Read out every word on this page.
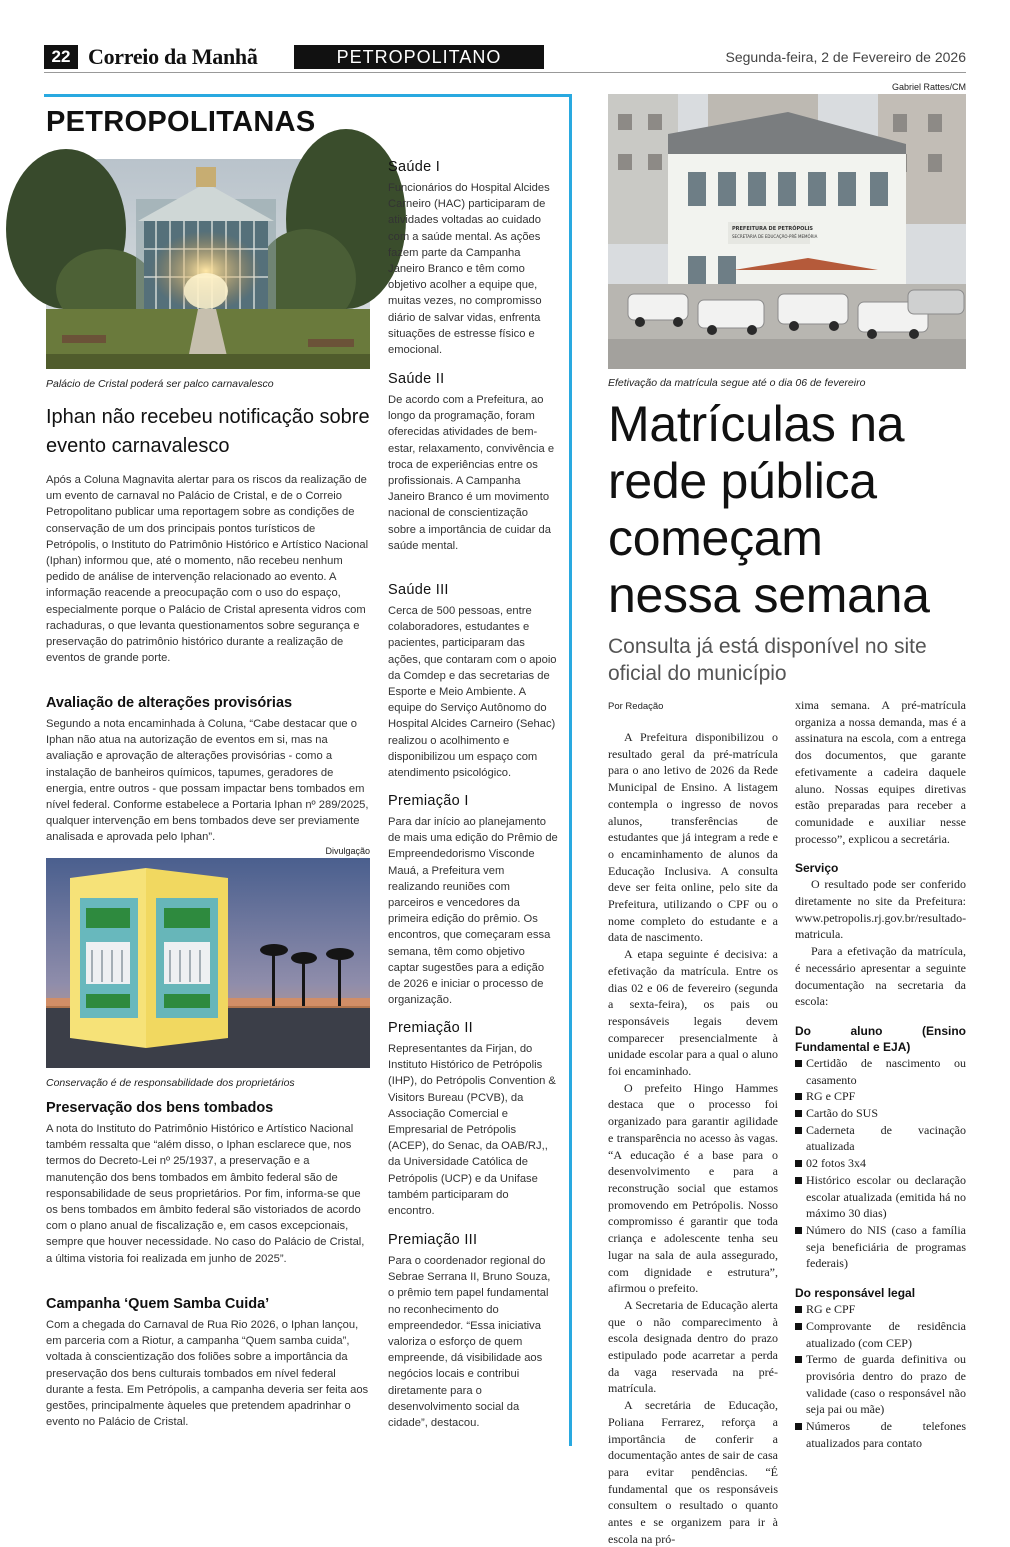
22 Correio da Manhã	PETROPOLITANO	Segunda-feira, 2 de Fevereiro de 2026
PETROPOLITANAS
Palácio de Cristal poderá ser palco carnavalesco
Iphan não recebeu notificação sobre evento carnavalesco
Após a Coluna Magnavita alertar para os riscos da realização de um evento de carnaval no Palácio de Cristal, e de o Correio Petropolitano publicar uma reportagem sobre as condições de conservação de um dos principais pontos turísticos de Petrópolis, o Instituto do Patrimônio Histórico e Artístico Nacional (Iphan) informou que, até o momento, não recebeu nenhum pedido de análise de intervenção relacionado ao evento. A informação reacende a preocupação com o uso do espaço, especialmente porque o Palácio de Cristal apresenta vidros com rachaduras, o que levanta questionamentos sobre segurança e preservação do patrimônio histórico durante a realização de eventos de grande porte.
Avaliação de alterações provisórias
Segundo a nota encaminhada à Coluna, “Cabe destacar que o Iphan não atua na autorização de eventos em si, mas na avaliação e aprovação de alterações provisórias - como a instalação de banheiros químicos, tapumes, geradores de energia, entre outros - que possam impactar bens tombados em nível federal. Conforme estabelece a Portaria Iphan nº 289/2025, qualquer intervenção em bens tombados deve ser previamente analisada e aprovada pelo Iphan”.
Divulgação
Conservação é de responsabilidade dos proprietários
Preservação dos bens tombados
A nota do Instituto do Patrimônio Histórico e Artístico Nacional também ressalta que “além disso, o Iphan esclarece que, nos termos do Decreto-Lei nº 25/1937, a preservação e a manutenção dos bens tombados em âmbito federal são de responsabilidade de seus proprietários. Por fim, informa-se que os bens tombados em âmbito federal são vistoriados de acordo com o plano anual de fiscalização e, em casos excepcionais, sempre que houver necessidade. No caso do Palácio de Cristal, a última vistoria foi realizada em junho de 2025”.
Campanha ‘Quem Samba Cuida’
Com a chegada do Carnaval de Rua Rio 2026, o Iphan lançou, em parceria com a Riotur, a campanha “Quem samba cuida”, voltada à conscientização dos foliões sobre a importância da preservação dos bens culturais tombados em nível federal durante a festa. Em Petrópolis, a campanha deveria ser feita aos gestões, principalmente àqueles que pretendem apadrinhar o evento no Palácio de Cristal.
Saúde I
Funcionários do Hospital Alcides Carneiro (HAC) participaram de atividades voltadas ao cuidado com a saúde mental. As ações fazem parte da Campanha Janeiro Branco e têm como objetivo acolher a equipe que, muitas vezes, no compromisso diário de salvar vidas, enfrenta situações de estresse físico e emocional.
Saúde II
De acordo com a Prefeitura, ao longo da programação, foram oferecidas atividades de bem-estar, relaxamento, convivência e troca de experiências entre os profissionais. A Campanha Janeiro Branco é um movimento nacional de conscientização sobre a importância de cuidar da saúde mental.
Saúde III
Cerca de 500 pessoas, entre colaboradores, estudantes e pacientes, participaram das ações, que contaram com o apoio da Comdep e das secretarias de Esporte e Meio Ambiente. A equipe do Serviço Autônomo do Hospital Alcides Carneiro (Sehac) realizou o acolhimento e disponibilizou um espaço com atendimento psicológico.
Premiação I
Para dar início ao planejamento de mais uma edição do Prêmio de Empreendedorismo Visconde Mauá, a Prefeitura vem realizando reuniões com parceiros e vencedores da primeira edição do prêmio. Os encontros, que começaram essa semana, têm como objetivo captar sugestões para a edição de 2026 e iniciar o processo de organização.
Premiação II
Representantes da Firjan, do Instituto Histórico de Petrópolis (IHP), do Petrópolis Convention & Visitors Bureau (PCVB), da Associação Comercial e Empresarial de Petrópolis (ACEP), do Senac, da OAB/RJ,, da Universidade Católica de Petrópolis (UCP) e da Unifase também participaram do encontro.
Premiação III
Para o coordenador regional do Sebrae Serrana II, Bruno Souza, o prêmio tem papel fundamental no reconhecimento do empreendedor. “Essa iniciativa valoriza o esforço de quem empreende, dá visibilidade aos negócios locais e contribui diretamente para o desenvolvimento social da cidade”, destacou.
Gabriel Rattes/CM
PREFEITURA DE PETRÓPOLIS
SECRETARIA DE EDUCAÇÃO-PRÉ MEMÓRIA
Efetivação da matrícula segue até o dia 06 de fevereiro
Matrículas na rede pública começam nessa semana
Consulta já está disponível no site oficial do município
Por Redação

A Prefeitura disponibilizou o resultado geral da pré-matrícula para o ano letivo de 2026 da Rede Municipal de Ensino. A listagem contempla o ingresso de novos alunos, transferências de estudantes que já integram a rede e o encaminhamento de alunos da Educação Inclusiva. A consulta deve ser feita online, pelo site da Prefeitura, utilizando o CPF ou o nome completo do estudante e a data de nascimento.

A etapa seguinte é decisiva: a efetivação da matrícula. Entre os dias 02 e 06 de fevereiro (segunda a sexta-feira), os pais ou responsáveis legais devem comparecer presencialmente à unidade escolar para a qual o aluno foi encaminhado.

O prefeito Hingo Hammes destaca que o processo foi organizado para garantir agilidade e transparência no acesso às vagas. “A educação é a base para o desenvolvimento e para a reconstrução social que estamos promovendo em Petrópolis. Nosso compromisso é garantir que toda criança e adolescente tenha seu lugar na sala de aula assegurado, com dignidade e estrutura”, afirmou o prefeito.

A Secretaria de Educação alerta que o não comparecimento à escola designada dentro do prazo estipulado pode acarretar a perda da vaga reservada na pré-matrícula.

A secretária de Educação, Poliana Ferrarez, reforça a importância de conferir a documentação antes de sair de casa para evitar pendências. “É fundamental que os responsáveis consultem o resultado o quanto antes e se organizem para ir à escola na pró-

xima semana. A pré-matrícula organiza a nossa demanda, mas é a assinatura na escola, com a entrega dos documentos, que garante efetivamente a cadeira daquele aluno. Nossas equipes diretivas estão preparadas para receber a comunidade e auxiliar nesse processo”, explicou a secretária.
Serviço

O resultado pode ser conferido diretamente no site da Prefeitura: www.petropolis.rj.gov.br/resultado-matricula.

Para a efetivação da matrícula, é necessário apresentar a seguinte documentação na secretaria da escola:

Do aluno (Ensino Fundamental e EJA)
Certidão de nascimento ou casamento
RG e CPF
Cartão do SUS
Caderneta de vacinação atualizada
02 fotos 3x4
Histórico escolar ou declaração escolar atualizada (emitida há no máximo 30 dias)
Número do NIS (caso a família seja beneficiária de programas federais)
Do responsável legal
RG e CPF
Comprovante de residência atualizado (com CEP)
Termo de guarda definitiva ou provisória dentro do prazo de validade (caso o responsável não seja pai ou mãe)
Números de telefones atualizados para contato
